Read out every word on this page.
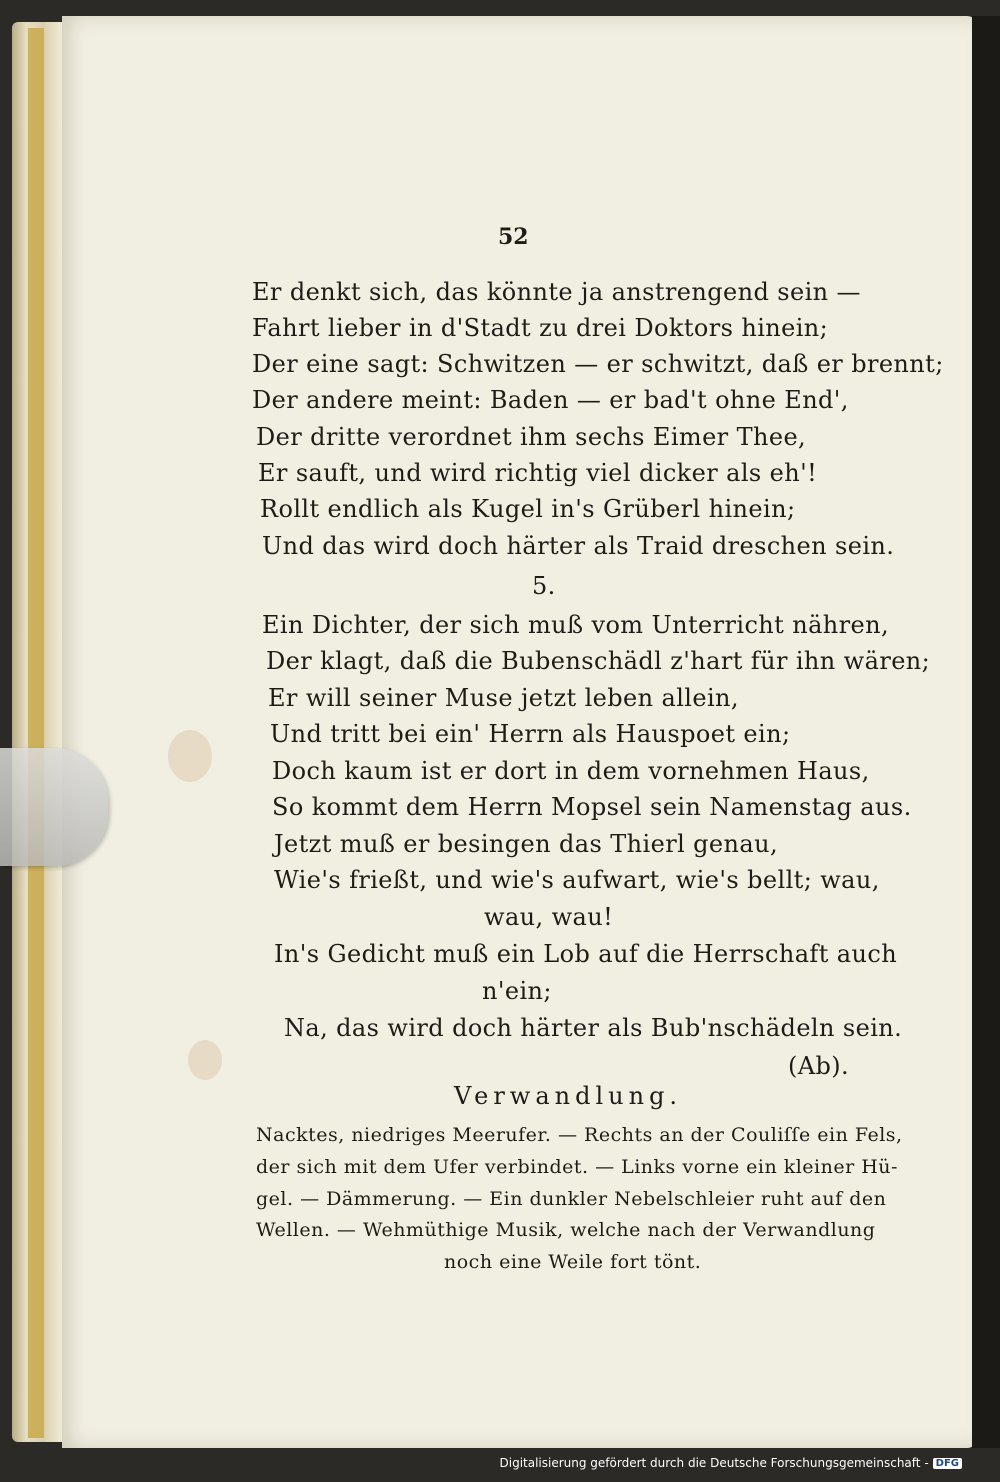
52
Er denkt sich, das könnte ja anstrengend sein —
Fahrt lieber in d'Stadt zu drei Doktors hinein;
Der eine sagt: Schwitzen — er schwitzt, daß er brennt;
Der andere meint: Baden — er bad't ohne End',
Der dritte verordnet ihm sechs Eimer Thee,
Er sauft, und wird richtig viel dicker als eh'!
Rollt endlich als Kugel in's Grüberl hinein;
Und das wird doch härter als Traid dreschen sein.
5.
Ein Dichter, der sich muß vom Unterricht nähren,
Der klagt, daß die Bubenschädl z'hart für ihn wären;
Er will seiner Muse jetzt leben allein,
Und tritt bei ein' Herrn als Hauspoet ein;
Doch kaum ist er dort in dem vornehmen Haus,
So kommt dem Herrn Mopsel sein Namenstag aus.
Jetzt muß er besingen das Thierl genau,
Wie's frießt, und wie's aufwart, wie's bellt; wau,
wau, wau!
In's Gedicht muß ein Lob auf die Herrschaft auch
n'ein;
Na, das wird doch härter als Bub'nschädeln sein.
(Ab).
Verwandlung.
Nacktes, niedriges Meerufer. — Rechts an der Couliſſe ein Fels,
der sich mit dem Ufer verbindet. — Links vorne ein kleiner Hü-
gel. — Dämmerung. — Ein dunkler Nebelschleier ruht auf den
Wellen. — Wehmüthige Musik, welche nach der Verwandlung
noch eine Weile fort tönt.
Digitalisierung gefördert durch die Deutsche Forschungsgemeinschaft - DFG
